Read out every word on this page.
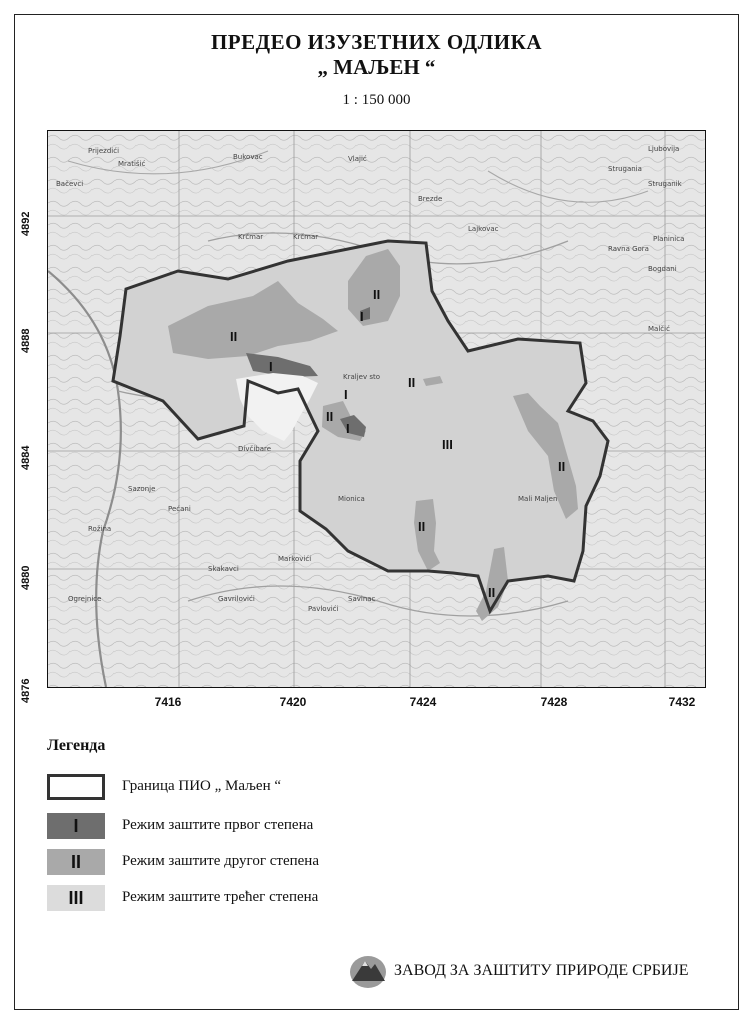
ПРЕДЕО ИЗУЗЕТНИХ ОДЛИКА
„ МАЉЕН “
1 : 150 000
II
II
I
I
II
I
II
I
III
II
II
II
Prijezdići
Mratišić
Bukovac
Bačevci
Krčmar	Krčmar
Vlajić
Brezde
Lajkovac
Ljubovija
Strugania
Struganik
Bogdani
Planinica
Ravna Gora
Malčić
Divčibare
Kraljev sto
Mionica
Markovići
Rožina
Sazonje
Skakavci
Gavrilovići
Pećani
Savinac
Ogrejnice
Pavlovići
Mali Maljen
4892
4888
4884
4880
4876	7416	7420	7424	7428	7432
Легенда
Граница ПИО „ Маљен “
I	Режим заштите првог степена
II	Режим заштите другог степена
III	Режим заштите трећег степена
ЗАВОД ЗА ЗАШТИТУ ПРИРОДЕ СРБИЈЕ
